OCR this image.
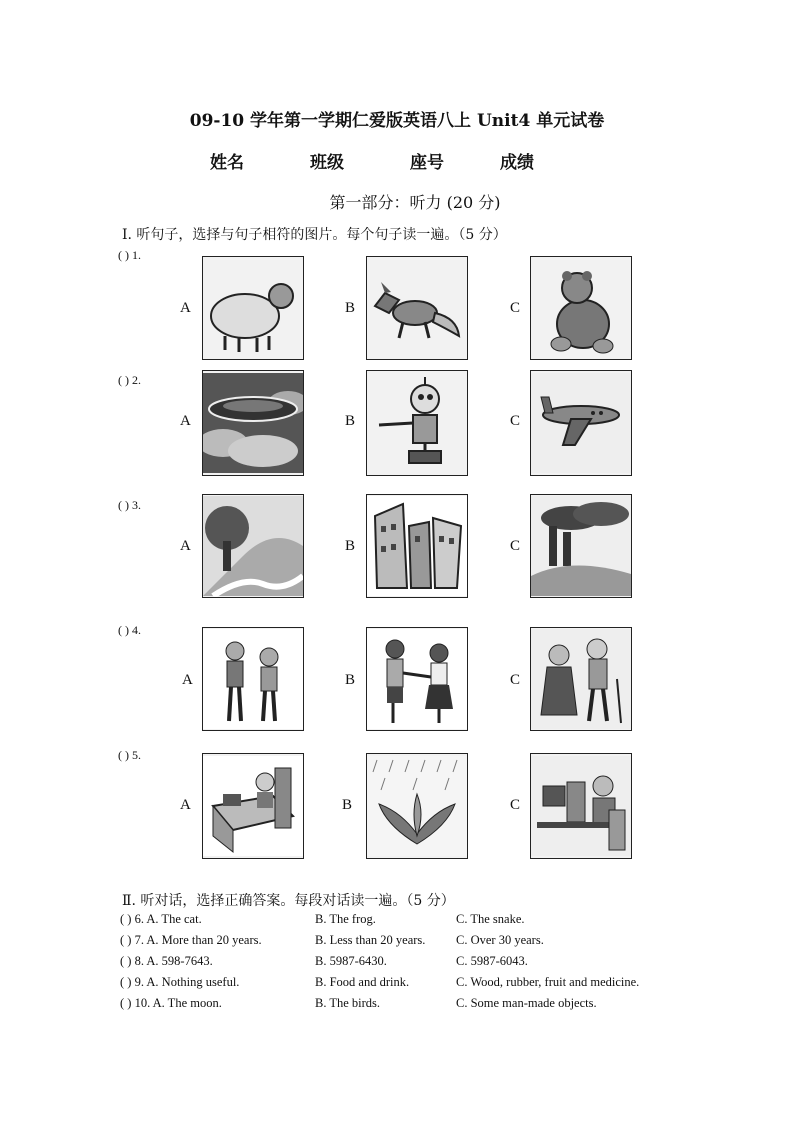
09-10 学年第一学期仁爱版英语八上 Unit4 单元试卷
姓名	班级	座号	成绩
第一部分：听力 (20 分)
Ⅰ. 听句子，选择与句子相符的图片。每个句子读一遍。（5 分）
( ) 1.
A	B	C
( ) 2.
A	B	C
( ) 3.
A	B	C
( ) 4.
A	B	C
( ) 5.
A	B	C
Ⅱ. 听对话，选择正确答案。每段对话读一遍。（5 分）
( ) 6. A. The cat.	B. The frog.	C. The snake.
( ) 7. A. More than 20 years.	B. Less than 20 years. C. Over 30 years.
( ) 8. A. 598-7643.	B. 5987-6430.	C. 5987-6043.
( ) 9. A. Nothing useful.	B. Food and drink.	C. Wood, rubber, fruit and medicine.
( ) 10. A. The moon.	B. The birds.	C. Some man-made objects.
